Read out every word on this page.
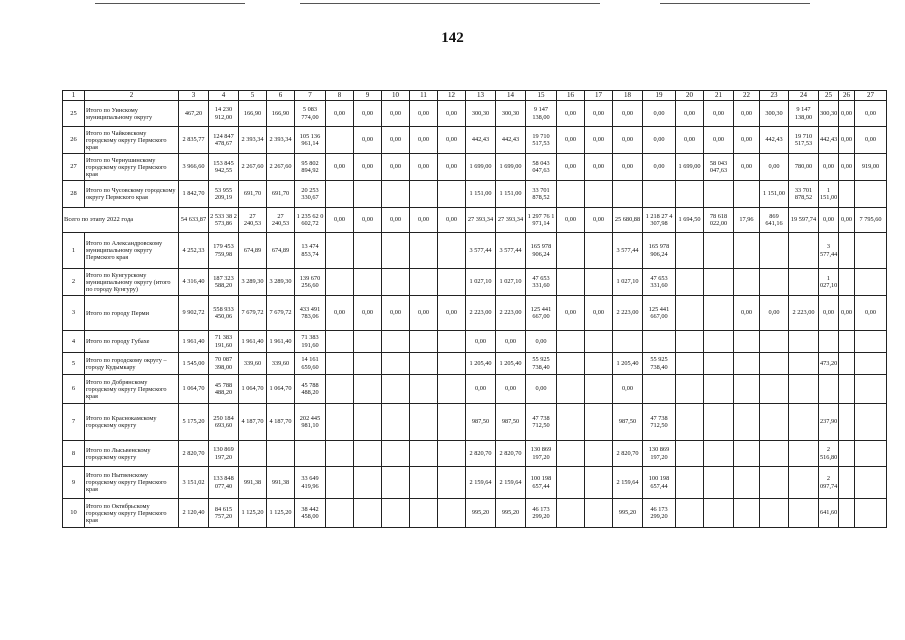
142
1	2	3	4	5	6	7	8	9	10	11	12	13	14	15	16	17	18	19	20	21	22	23	24	25	26	27	
25	Итого по Уинскому муниципальному округу	467,20	14 230 912,00	166,90	166,90	5 083 774,00	0,00	0,00	0,00	0,00	0,00	300,30	300,30	9 147 138,00	0,00	0,00	0,00	0,00	0,00	0,00	0,00	300,30	9 147 138,00	300,30	0,00	0,00	
26	Итого по Чайковскому городскому округу Пермского края	2 835,77	124 847 478,67	2 393,34	2 393,34	105 136 961,14		0,00	0,00	0,00	0,00	442,43	442,43	19 710 517,53	0,00	0,00	0,00	0,00	0,00	0,00	0,00	442,43	19 710 517,53	442,43	0,00	0,00	
27	Итого по Чернушинскому городскому округу Пермского края	3 966,60	153 845 942,55	2 267,60	2 267,60	95 802 894,92	0,00	0,00	0,00	0,00	0,00	1 699,00	1 699,00	58 043 047,63	0,00	0,00	0,00	0,00	1 699,00	58 043 047,63	0,00	0,00	780,00	0,00	0,00	919,00	
28	Итого по Чусовскому городскому округу Пермского края	1 842,70	53 955 209,19	691,70	691,70	20 253 330,67						1 151,00	1 151,00	33 701 878,52								1 151,00	33 701 878,52	1 151,00			
Всего по этапу 2022 года		54 633,87	2 533 38 2 573,86	27 240,53	27 240,53	1 235 62 0 602,72	0,00	0,00	0,00	0,00	0,00	27 393,34	27 393,34	1 297 76 1 971,14	0,00	0,00	25 680,88	1 218 27 4 307,98	1 694,50	78 618 022,00	17,96	869 641,16	19 597,74	0,00	0,00	7 795,60	
1	Итого по Александровскому муниципальному округу Пермского края	4 252,33	179 453 759,98	674,89	674,89	13 474 853,74						3 577,44	3 577,44	165 978 906,24			3 577,44	165 978 906,24						3 577,44			
2	Итого по Кунгурскому муниципальному округу (итого по городу Кунгуру)	4 316,40	187 323 588,20	3 289,30	3 289,30	139 670 256,60						1 027,10	1 027,10	47 653 331,60			1 027,10	47 653 331,60						1 027,10			
3	Итого по городу Перми	9 902,72	558 933 450,06	7 679,72	7 679,72	433 491 783,06	0,00	0,00	0,00	0,00	0,00	2 223,00	2 223,00	125 441 667,00	0,00	0,00	2 223,00	125 441 667,00			0,00	0,00	2 223,00	0,00	0,00	0,00	
4	Итого по городу Губахе	1 961,40	71 383 191,60	1 961,40	1 961,40	71 383 191,60						0,00	0,00	0,00													
5	Итого по городскому округу – городу Кудымкару	1 545,00	70 087 398,00	339,60	339,60	14 161 659,60						1 205,40	1 205,40	55 925 738,40			1 205,40	55 925 738,40						473,20			
6	Итого по Добрянскому городскому округу Пермского края	1 064,70	45 788 488,20	1 064,70	1 064,70	45 788 488,20						0,00	0,00	0,00			0,00										
7	Итого по Краснокамскому городскому округу	5 175,20	250 184 693,60	4 187,70	4 187,70	202 445 981,10						987,50	987,50	47 738 712,50			987,50	47 738 712,50						237,90			
8	Итого по Лысьвенскому городскому округу	2 820,70	130 869 197,20									2 820,70	2 820,70	130 869 197,20			2 820,70	130 869 197,20						2 516,80			
9	Итого по Нытвенскому городскому округу Пермского края	3 151,02	133 848 077,40	991,38	991,38	33 649 419,96						2 159,64	2 159,64	100 198 657,44			2 159,64	100 198 657,44						2 097,74			
10	Итого по Октябрьскому городскому округу Пермского края	2 120,40	84 615 757,20	1 125,20	1 125,20	38 442 458,00						995,20	995,20	46 173 299,20			995,20	46 173 299,20						641,60			
